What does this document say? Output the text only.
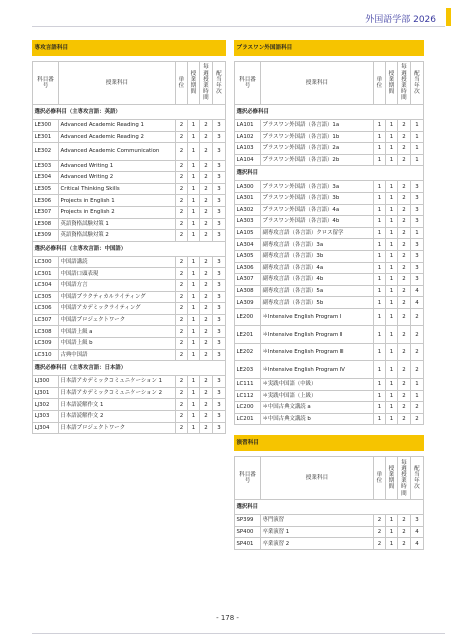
外国語学部 2026
専攻言語科目					

科目番号	授業科目	単位	授業期間	毎週授業時間	配当年次
選択必修科目（主専攻言語：英語）					
LE300	Advanced Academic Reading 1	2	1	2	3
LE301	Advanced Academic Reading 2	2	1	2	3
LE302	Advanced Academic Communication	2	1	2	3
LE303	Advanced Writing 1	2	1	2	3
LE304	Advanced Writing 2	2	1	2	3
LE305	Critical Thinking Skills	2	1	2	3
LE306	Projects in English 1	2	1	2	3
LE307	Projects in English 2	2	1	2	3
LE308	英語資格試験対策 1	2	1	2	3
LE309	英語資格試験対策 2	2	1	2	3
選択必修科目（主専攻言語：中国語）					
LC300	中国語講読	2	1	2	3
LC301	中国語口頭表現	2	1	2	3
LC304	中国語方言	2	1	2	3
LC305	中国語プラクティカルライティング	2	1	2	3
LC306	中国語アカデミックライティング	2	1	2	3
LC307	中国語プロジェクトワーク	2	1	2	3
LC308	中国語上級 a	2	1	2	3
LC309	中国語上級 b	2	1	2	3
LC310	古典中国語	2	1	2	3
選択必修科目（主専攻言語：日本語）					
LJ300	日本語アカデミックコミュニケーション 1	2	1	2	3
LJ301	日本語アカデミックコミュニケーション 2	2	1	2	3
LJ302	日本語読解作文 1	2	1	2	3
LJ303	日本語読解作文 2	2	1	2	3
LJ304	日本語プロジェクトワーク	2	1	2	3
プラスワン外国語科目					

科目番号	授業科目	単位	授業期間	毎週授業時間	配当年次
選択必修科目					
LA101	プラスワン外国語（各言語）1a	1	1	2	1
LA102	プラスワン外国語（各言語）1b	1	1	2	1
LA103	プラスワン外国語（各言語）2a	1	1	2	1
LA104	プラスワン外国語（各言語）2b	1	1	2	1
選択科目					
LA300	プラスワン外国語（各言語）3a	1	1	2	3
LA301	プラスワン外国語（各言語）3b	1	1	2	3
LA302	プラスワン外国語（各言語）4a	1	1	2	3
LA303	プラスワン外国語（各言語）4b	1	1	2	3
LA105	副専攻言語（各言語）クロス留学	1	1	2	1
LA304	副専攻言語（各言語）3a	1	1	2	3
LA305	副専攻言語（各言語）3b	1	1	2	3
LA306	副専攻言語（各言語）4a	1	1	2	3
LA307	副専攻言語（各言語）4b	1	1	2	3
LA308	副専攻言語（各言語）5a	1	1	2	4
LA309	副専攻言語（各言語）5b	1	1	2	4
LE200	＊Intensive English Program Ⅰ	1	1	2	2
LE201	＊Intensive English Program Ⅱ	1	1	2	2
LE202	＊Intensive English Program Ⅲ	1	1	2	2
LE203	＊Intensive English Program Ⅳ	1	1	2	2
LC111	＊実践中国語（中級）	1	1	2	1
LC112	＊実践中国語（上級）	1	1	2	1
LC200	＊中国古典文講読 a	1	1	2	2
LC201	＊中国古典文講読 b	1	1	2	2
演習科目					

科目番号	授業科目	単位	授業期間	毎週授業時間	配当年次
選択科目					
SP399	専門演習	2	1	2	3
SP400	卒業演習 1	2	1	2	4
SP401	卒業演習 2	2	1	2	4
- 178 -
